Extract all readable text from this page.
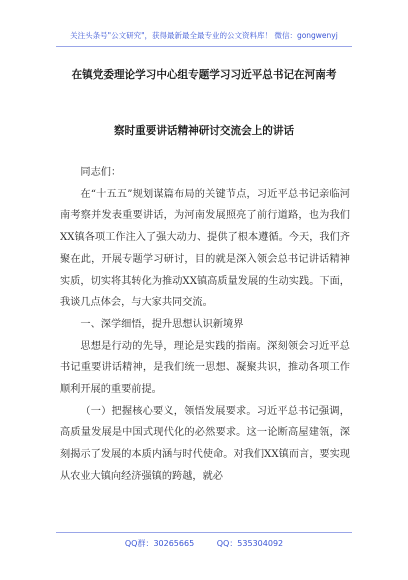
关注头条号"公文研究"，获得最新最全最专业的公文资料库！ 微信：gongwenyj
在镇党委理论学习中心组专题学习习近平总书记在河南考
察时重要讲话精神研讨交流会上的讲话

同志们：

在“十五五”规划谋篇布局的关键节点，习近平总书记亲临河南考察并发表重要讲话，为河南发展照亮了前行道路，也为我们XX镇各项工作注入了强大动力、提供了根本遵循。今天，我们齐聚在此，开展专题学习研讨，目的就是深入领会总书记讲话精神实质，切实将其转化为推动XX镇高质量发展的生动实践。下面，我谈几点体会，与大家共同交流。

一、深学细悟，提升思想认识新境界

思想是行动的先导，理论是实践的指南。深刻领会习近平总书记重要讲话精神，是我们统一思想、凝聚共识，推动各项工作顺利开展的重要前提。

（一）把握核心要义，领悟发展要求。习近平总书记强调，高质量发展是中国式现代化的必然要求。这一论断高屋建瓴，深刻揭示了发展的本质内涵与时代使命。对我们XX镇而言，要实现从农业大镇向经济强镇的跨越，就必

QQ群：30265665	QQ：535304092
